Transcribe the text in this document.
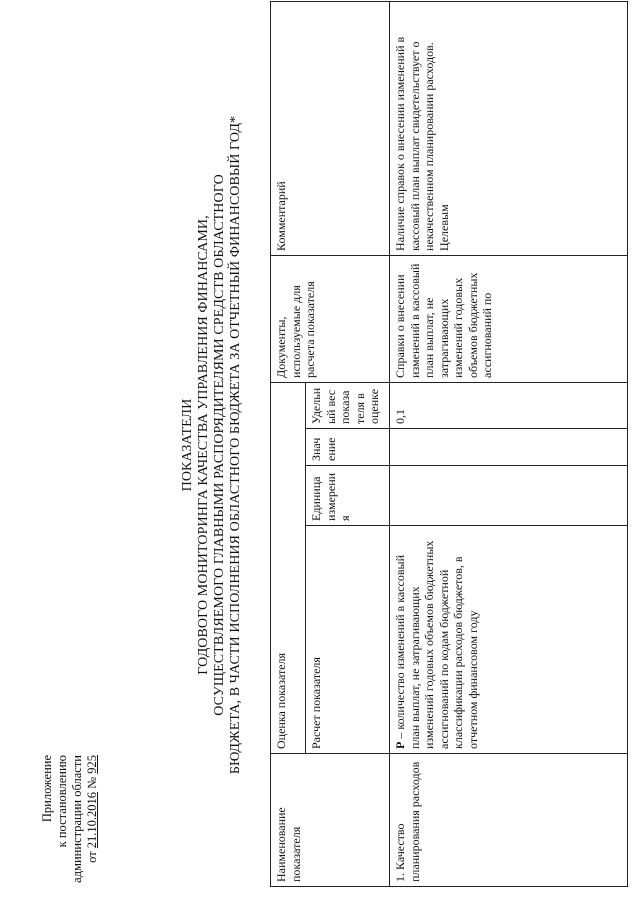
Приложение к постановлению администрации области от 21.10.2016 № 925
ПОКАЗАТЕЛИ ГОДОВОГО МОНИТОРИНГА КАЧЕСТВА УПРАВЛЕНИЯ ФИНАНСАМИ, ОСУЩЕСТВЛЯЕМОГО ГЛАВНЫМИ РАСПОРЯДИТЕЛЯМИ СРЕДСТВ ОБЛАСТНОГО БЮДЖЕТА, В ЧАСТИ ИСПОЛНЕНИЯ ОБЛАСТНОГО БЮДЖЕТА ЗА ОТЧЕТНЫЙ ФИНАНСОВЫЙ ГОД*
Наименование показателя	Оценка показателя				Документы, используемые для расчета показателя	Комментарий
	Расчет показателя	Единица измерения	Значение	Удельный вес показателя в оценке		
1. Качество планирования расходов	P – количество изменений в кассовый план выплат, не затрагивающих изменений годовых объемов бюджетных ассигнований по кодам бюджетной классификации расходов бюджетов, в отчетном финансовом году			0,1	Справки о внесении изменений в кассовый план выплат, не затрагивающих изменений годовых объемов бюджетных ассигнований по	Наличие справок о внесении изменений в кассовый план выплат свидетельствует о некачественном планировании расходов. Целевым
